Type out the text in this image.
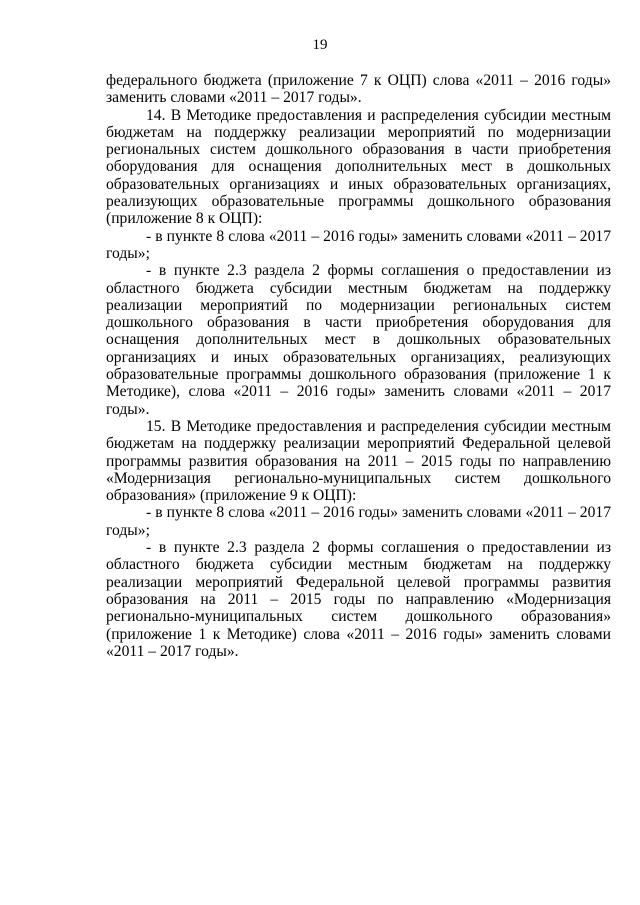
19

федерального бюджета (приложение 7 к ОЦП) слова «2011 – 2016 годы» заменить словами «2011 – 2017 годы».

14. В Методике предоставления и распределения субсидии местным бюджетам на поддержку реализации мероприятий по модернизации региональных систем дошкольного образования в части приобретения оборудования для оснащения дополнительных мест в дошкольных образовательных организациях и иных образовательных организациях, реализующих образовательные программы дошкольного образования (приложение 8 к ОЦП):

- в пункте 8 слова «2011 – 2016 годы» заменить словами «2011 – 2017 годы»;

- в пункте 2.3 раздела 2 формы соглашения о предоставлении из областного бюджета субсидии местным бюджетам на поддержку реализации мероприятий по модернизации региональных систем дошкольного образования в части приобретения оборудования для оснащения дополнительных мест в дошкольных образовательных организациях и иных образовательных организациях, реализующих образовательные программы дошкольного образования (приложение 1 к Методике), слова «2011 – 2016 годы» заменить словами «2011 – 2017 годы».

15. В Методике предоставления и распределения субсидии местным бюджетам на поддержку реализации мероприятий Федеральной целевой программы развития образования на 2011 – 2015 годы по направлению «Модернизация регионально-муниципальных систем дошкольного образования» (приложение 9 к ОЦП):

- в пункте 8 слова «2011 – 2016 годы» заменить словами «2011 – 2017 годы»;

- в пункте 2.3 раздела 2 формы соглашения о предоставлении из областного бюджета субсидии местным бюджетам на поддержку реализации мероприятий Федеральной целевой программы развития образования на 2011 – 2015 годы по направлению «Модернизация регионально-муниципальных систем дошкольного образования» (приложение 1 к Методике) слова «2011 – 2016 годы» заменить словами «2011 – 2017 годы».
